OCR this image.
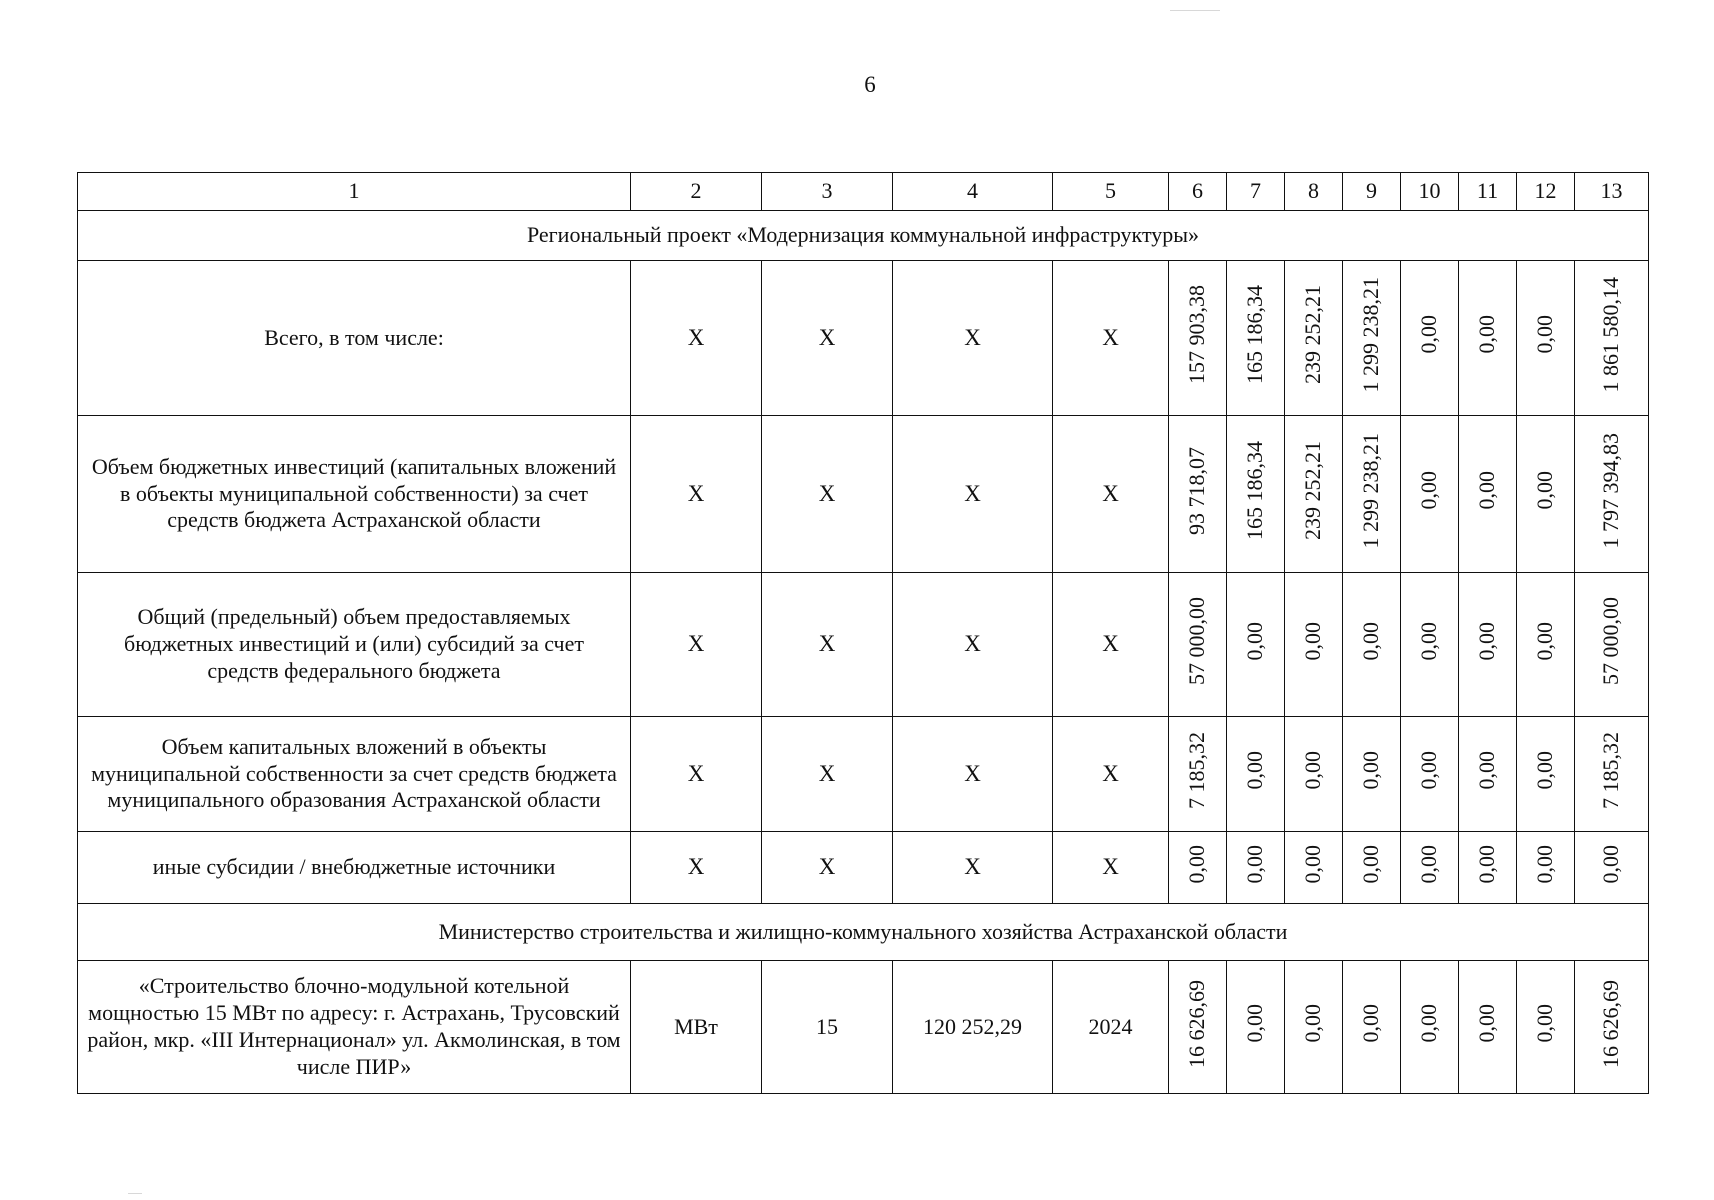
6
1	2	3	4	5	6	7	8	9	10	11	12	13
Региональный проект «Модернизация коммунальной инфраструктуры»												
Всего, в том числе:	Х	Х	Х	Х	157 903,38	165 186,34	239 252,21	1 299 238,21	0,00	0,00	0,00	1 861 580,14
Объем бюджетных инвестиций (капитальных вложений в объекты муниципальной собственности) за счет средств бюджета Астраханской области	Х	Х	Х	Х	93 718,07	165 186,34	239 252,21	1 299 238,21	0,00	0,00	0,00	1 797 394,83
Общий (предельный) объем предоставляемых бюджетных инвестиций и (или) субсидий за счет средств федерального бюджета	Х	Х	Х	Х	57 000,00	0,00	0,00	0,00	0,00	0,00	0,00	57 000,00
Объем капитальных вложений в объекты муниципальной собственности за счет средств бюджета муниципального образования Астраханской области	Х	Х	Х	Х	7 185,32	0,00	0,00	0,00	0,00	0,00	0,00	7 185,32
иные субсидии / внебюджетные источники	Х	Х	Х	Х	0,00	0,00	0,00	0,00	0,00	0,00	0,00	0,00
Министерство строительства и жилищно-коммунального хозяйства Астраханской области												
«Строительство блочно-модульной котельной мощностью 15 МВт по адресу: г. Астрахань, Трусовский район, мкр. «III Интернационал» ул. Акмолинская, в том числе ПИР»	МВт	15	120 252,29	2024	16 626,69	0,00	0,00	0,00	0,00	0,00	0,00	16 626,69
